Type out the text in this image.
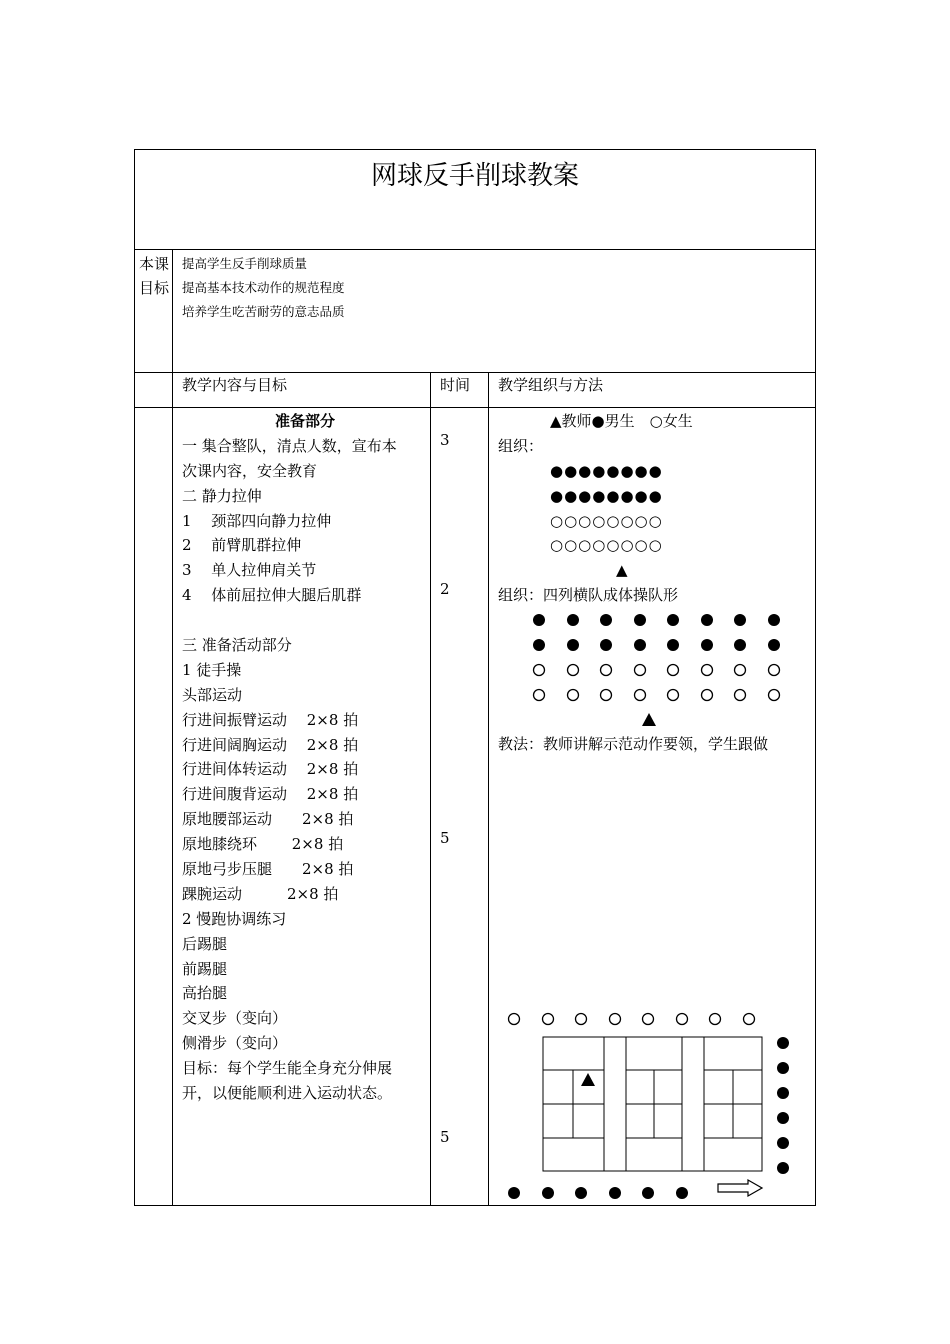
网球反手削球教案
本课目标
提高学生反手削球质量
提高基本技术动作的规范程度
培养学生吃苦耐劳的意志品质
教学内容与目标	时间 教学组织与方法
准备部分
一 集合整队，清点人数，宣布本
次课内容，安全教育
二 静力拉伸
1　 颈部四向静力拉伸
2　 前臂肌群拉伸
3　 单人拉伸肩关节
4　 体前屈拉伸大腿后肌群
三 准备活动部分
1 徒手操
头部运动
行进间振臂运动　 2×8 拍
行进间阔胸运动　 2×8 拍
行进间体转运动　 2×8 拍
行进间腹背运动　 2×8 拍
原地腰部运动　　2×8 拍
原地膝绕环　　 2×8 拍
原地弓步压腿　　2×8 拍
踝腕运动　　　2×8 拍
2 慢跑协调练习
后踢腿
前踢腿
高抬腿
交叉步（变向）
侧滑步（变向）
目标：每个学生能全身充分伸展
开，以便能顺利进入运动状态。
3
2
5
5
▲教师●男生　○女生
组织：
●●●●●●●●
●●●●●●●●
○○○○○○○○
○○○○○○○○
▲
组织：四列横队成体操队形
教法：教师讲解示范动作要领，学生跟做
